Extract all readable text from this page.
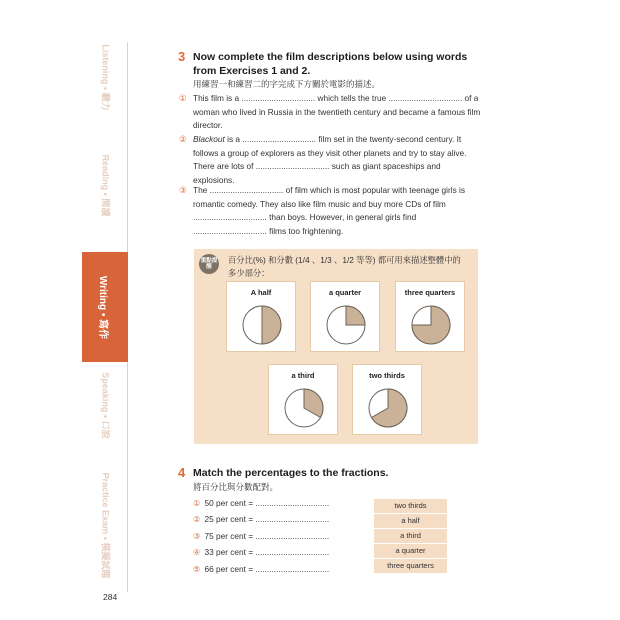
Listening • 聽力
Reading • 閱讀
Writing • 寫作
Speaking • 口說
Practice Exam • 模擬試題
3 Now complete the film descriptions below using words from Exercises 1 and 2.
用練習一和練習二的字完成下方關於電影的描述。
① This film is a ................................ which tells the true ................................ of a woman who lived in Russia in the twentieth century and became a famous film director.
② Blackout is a ................................ film set in the twenty-second century. It follows a group of explorers as they visit other planets and try to stay alive. There are lots of ................................ such as giant spaceships and explosions.
③ The ................................ of film which is most popular with teenage girls is romantic comedy. They also like film music and buy more CDs of film ................................ than boys. However, in general girls find ................................ films too frightening.
重點提醒
百分比(%) 和分數 (1/4 、1/3 、1/2 等等) 都可用來描述整體中的多少部分：
A half	a quarter	three quarters
a third	two thirds
4 Match the percentages to the fractions.
將百分比與分數配對。
① 50 per cent = ................................
② 25 per cent = ................................
③ 75 per cent = ................................
④ 33 per cent = ................................
⑤ 66 per cent = ................................
two thirds
a half
a third
a quarter
three quarters
284
